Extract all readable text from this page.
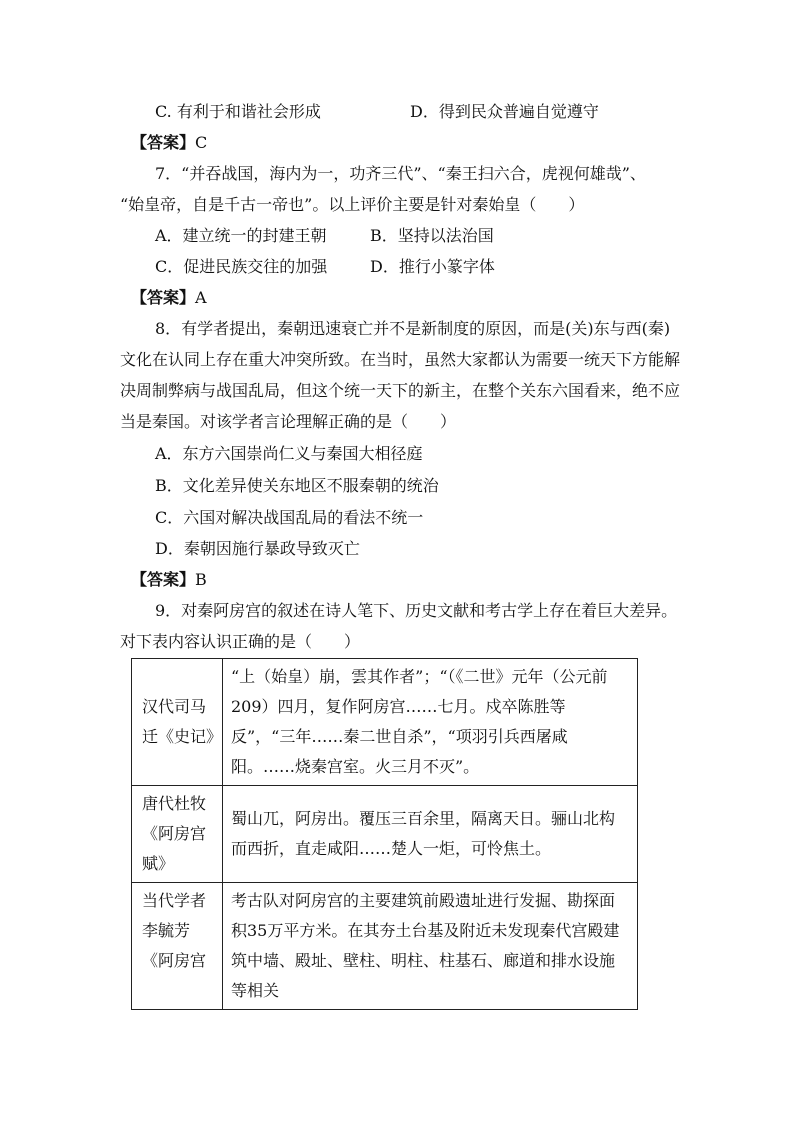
C. 有利于和谐社会形成	D．得到民众普遍自觉遵守
【答案】C
7．“并吞战国，海内为一，功齐三代”、“秦王扫六合，虎视何雄哉”、
“始皇帝，自是千古一帝也”。以上评价主要是针对秦始皇（　　）
A．建立统一的封建王朝	B．坚持以法治国
C．促进民族交往的加强	D．推行小篆字体
【答案】A
8．有学者提出，秦朝迅速衰亡并不是新制度的原因，而是(关)东与西(秦)
文化在认同上存在重大冲突所致。在当时，虽然大家都认为需要一统天下方能解
决周制弊病与战国乱局，但这个统一天下的新主，在整个关东六国看来，绝不应
当是秦国。对该学者言论理解正确的是（　　）
A．东方六国崇尚仁义与秦国大相径庭
B．文化差异使关东地区不服秦朝的统治
C．六国对解决战国乱局的看法不统一
D．秦朝因施行暴政导致灭亡
【答案】B
9．对秦阿房宫的叙述在诗人笔下、历史文献和考古学上存在着巨大差异。
对下表内容认识正确的是（　　）
汉代司马迁《史记》	“上（始皇）崩，雲其作者”；“（《二世》元年（公元前209）四月，复作阿房宫……七月。戍卒陈胜等反”，“三年……秦二世自杀”，“项羽引兵西屠咸阳。……烧秦宫室。火三月不灭”。
唐代杜牧《阿房宫赋》	蜀山兀，阿房出。覆压三百余里，隔离天日。骊山北构而西折，直走咸阳……楚人一炬，可怜焦土。
当代学者李毓芳《阿房宫	考古队对阿房宫的主要建筑前殿遗址进行发掘、勘探面积35万平方米。在其夯土台基及附近未发现秦代宫殿建筑中墙、殿址、壁柱、明柱、柱基石、廊道和排水设施等相关
